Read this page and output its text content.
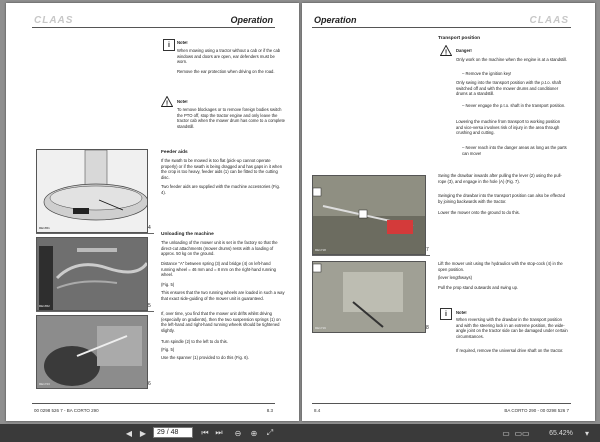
CLAAS	Operation
i	Note!
When mowing using a tractor without a cab or if the cab windows and doors are open, ear defenders must be worn.
Remove the ear protection when driving on the road.
! Note!
To remove blockages or to remove foreign bodies switch the PTO off, stop the tractor engine and only leave the tractor cab when the mower drum has come to a complete standstill.
Feeder aids
If the swath to be mowed is too flat (pick-up cannot operate properly) or if the swath is being dragged and has gaps in it when the crop is too heavy, feeder aids (1) can be fitted to the cutting disc.
Two feeder aids are supplied with the machine accessories (Fig. 4).
Unloading the machine
The unloading of the mower unit is set in the factory so that the direct-cut attachments (mower drums) rests with a loading of approx. 50 kg on the ground.
Distance "A" between spring (3) and bridge (4) on left-hand running wheel = 46 mm and = 8 mm on the right-hand running wheel.
(Fig. 5)
This ensures that the two running wheels are loaded in such a way that exact side-guiding of the mower unit is guaranteed.
If, over time, you find that the mower unit drifts whilst driving (especially on gradients), then the two suspension springs (1) on the left-hand and right-hand running wheels should be tightened slightly.
Turn spindle (2) to the left to do this.
(Fig. 5)
Use the spanner (1) provided to do this (Fig. 6).
RE1651	4
RE1652	5
RE1723	6
00 0298 526 7 - BA CORTO 290	8.3
Operation	CLAAS
Transport position
! Danger!
Only work on the machine when the engine is at a standstill.
– Remove the ignition key!
Only swing into the transport position with the p.t.o. shaft switched off and with the mower drums and conditioner drums at a standstill.
– Never engage the p.t.o. shaft in the transport position.
Lowering the machine from transport to working position and vice-versa involves risk of injury in the area through crushing and cutting.
– Never reach into the danger areas as long as the parts can move!
Swing the drawbar inwards after pulling the lever (2) using the pull-rope (3), and engage in the hole (A) (Fig. 7).
Swinging the drawbar into the transport position can also be effected by joining backwards with the tractor.
Lower the mower onto the ground to do this.
Lift the mower unit using the hydraulics with the stop-cock (4) in the open position.
(lever lengthways)
Pull the prop stand outwards and swing up.
i	Note!
When reversing with the drawbar in the transport position and with the steering lock in an extreme position, the wide-angle joint on the tractor side can be damaged under certain circumstances.
If required, remove the universal drive shaft on the tractor.
RE1718	7
RE1719	8
8.4	BA CORTO 290 - 00 0298 526 7
◀ ▶	29 / 48	⏮ ⏭	⊖	⊕	⤢	▭ ▭▭	65.42%	▾
